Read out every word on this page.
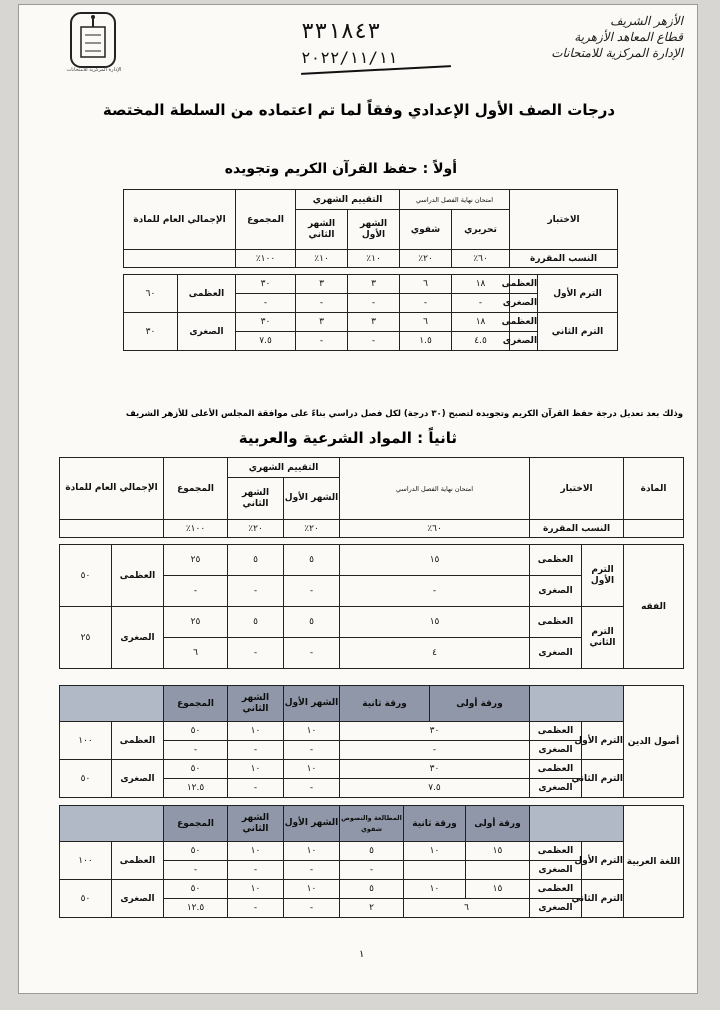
الأزهر الشريف
قطاع المعاهد الأزهرية
الإدارة المركزية للامتحانات
٣٣١٨٤٣
٢٠٢٢/١١/١١
الإدارة المركزية للامتحانات
درجات الصف الأول الإعدادي وفقاً لما تم اعتماده من السلطة المختصة
أولاً : حفظ القرآن الكريم وتجويده
الاختبار		امتحان نهاية الفصل الدراسي		التقييم الشهري		المجموع	الإجمالي العام للمادة	
		تحريري	شفوي	الشهر الأول	الشهر الثاني			

النسب المقررة		٦٠٪	٢٠٪	١٠٪	١٠٪	١٠٠٪		

الترم الأول	العظمى	١٨	٦	٣	٣	٣٠	العظمى	٦٠
	الصغرى	-	-	-	-	-		
الترم الثاني	العظمى	١٨	٦	٣	٣	٣٠	الصغرى	٣٠
	الصغرى	٤.٥	١.٥	-	-	٧.٥		
وذلك بعد تعديل درجة حفظ القرآن الكريم وتجويده لتصبح (٣٠ درجة) لكل فصل دراسي بناءً على موافقة المجلس الأعلى للأزهر الشريف
ثانياً : المواد الشرعية والعربية
المادة	الاختبار		امتحان نهاية الفصل الدراسي	التقييم الشهري		المجموع	الإجمالي العام للمادة	
				الشهر الأول	الشهر الثاني			

	النسب المقررة		٦٠٪	٢٠٪	٢٠٪	١٠٠٪		

الفقه	الترم الأول	العظمى	١٥	٥	٥	٢٥	العظمى	٥٠
		الصغرى	-	-	-	-		
	الترم الثاني	العظمى	١٥	٥	٥	٢٥	الصغرى	٢٥
		الصغرى	٤	-	-	٦		
أصول الدين			ورقة أولى	ورقة ثانية	الشهر الأول	الشهر الثاني	المجموع		
	الترم الأول	العظمى	٣٠		١٠	١٠	٥٠	العظمى	١٠٠
		الصغرى	-		-	-	-		
	الترم الثاني	العظمى	٣٠		١٠	١٠	٥٠	الصغرى	٥٠
		الصغرى	٧.٥		-	-	١٢.٥		
اللغة العربية			ورقة أولى	ورقة ثانية	المطالعة والنصوص شفوي	الشهر الأول	الشهر الثاني	المجموع		
	الترم الأول	العظمى	١٥	١٠	٥	١٠	١٠	٥٠	العظمى	١٠٠
		الصغرى			-	-	-	-		
	الترم الثاني	العظمى	١٥	١٠	٥	١٠	١٠	٥٠	الصغرى	٥٠
		الصغرى	٦		٢	-	-	١٢.٥		
١
